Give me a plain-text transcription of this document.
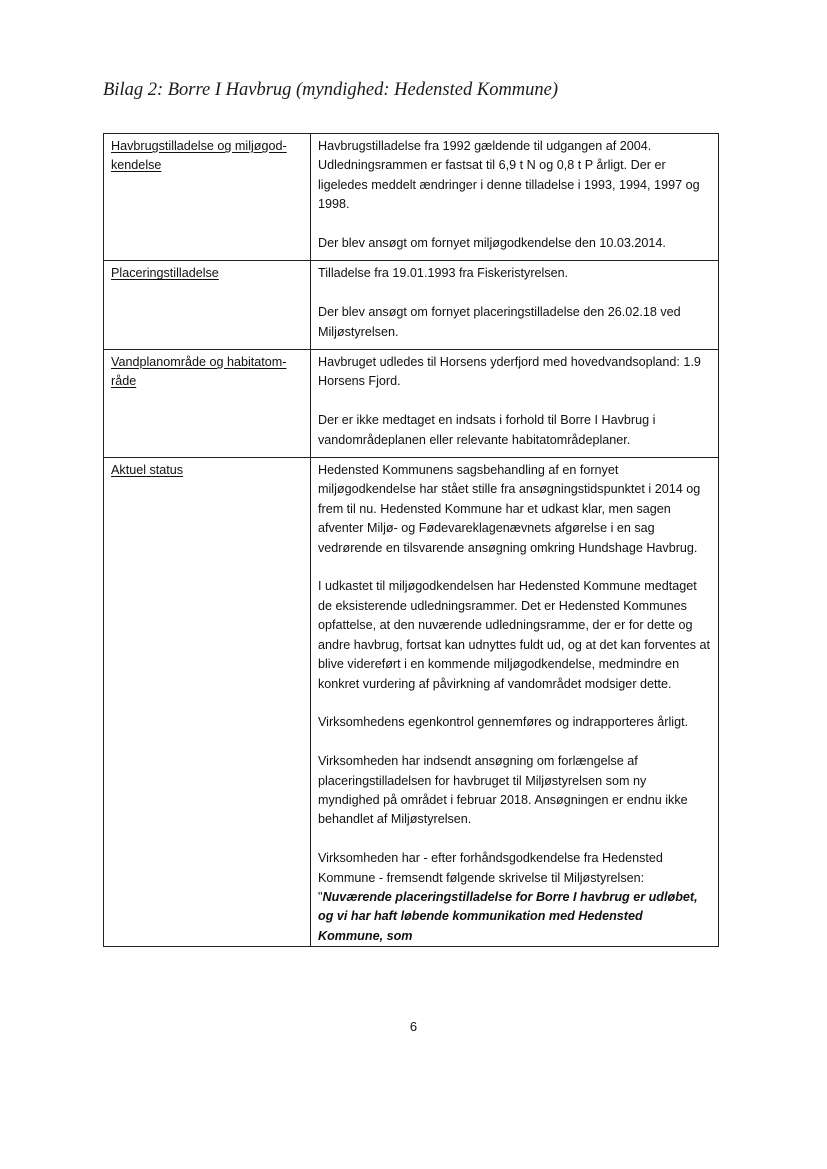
Bilag 2: Borre I Havbrug (myndighed: Hedensted Kommune)
Havbrugstilladelse og miljøgod-kendelse	Havbrugstilladelse fra 1992 gældende til udgangen af 2004. Udledningsrammen er fastsat til 6,9 t N og 0,8 t P årligt. Der er ligeledes meddelt ændringer i denne tilladelse i 1993, 1994, 1997 og 1998.

Der blev ansøgt om fornyet miljøgodkendelse den 10.03.2014.

Placeringstilladelse	Tilladelse fra 19.01.1993 fra Fiskeristyrelsen.

Der blev ansøgt om fornyet placeringstilladelse den 26.02.18 ved Miljøstyrelsen.

Vandplanområde og habitatom-råde	Havbruget udledes til Horsens yderfjord med hovedvandsopland: 1.9 Horsens Fjord.

Der er ikke medtaget en indsats i forhold til Borre I Havbrug i vandområdeplanen eller relevante habitatområdeplaner.

Aktuel status	Hedensted Kommunens sagsbehandling af en fornyet miljøgodkendelse har stået stille fra ansøgningstidspunktet i 2014 og frem til nu. Hedensted Kommune har et udkast klar, men sagen afventer Miljø- og Fødevareklagenævnets afgørelse i en sag vedrørende en tilsvarende ansøgning omkring Hundshage Havbrug.

I udkastet til miljøgodkendelsen har Hedensted Kommune medtaget de eksisterende udledningsrammer. Det er Hedensted Kommunes opfattelse, at den nuværende udledningsramme, der er for dette og andre havbrug, fortsat kan udnyttes fuldt ud, og at det kan forventes at blive videreført i en kommende miljøgodkendelse, medmindre en konkret vurdering af påvirkning af vandområdet modsiger dette.

Virksomhedens egenkontrol gennemføres og indrapporteres årligt.

Virksomheden har indsendt ansøgning om forlængelse af placeringstilladelsen for havbruget til Miljøstyrelsen som ny myndighed på området i februar 2018. Ansøgningen er endnu ikke behandlet af Miljøstyrelsen.

Virksomheden har - efter forhåndsgodkendelse fra Hedensted Kommune - fremsendt følgende skrivelse til Miljøstyrelsen: "Nuværende placeringstilladelse for Borre I havbrug er udløbet, og vi har haft løbende kommunikation med Hedensted Kommune, som

6
